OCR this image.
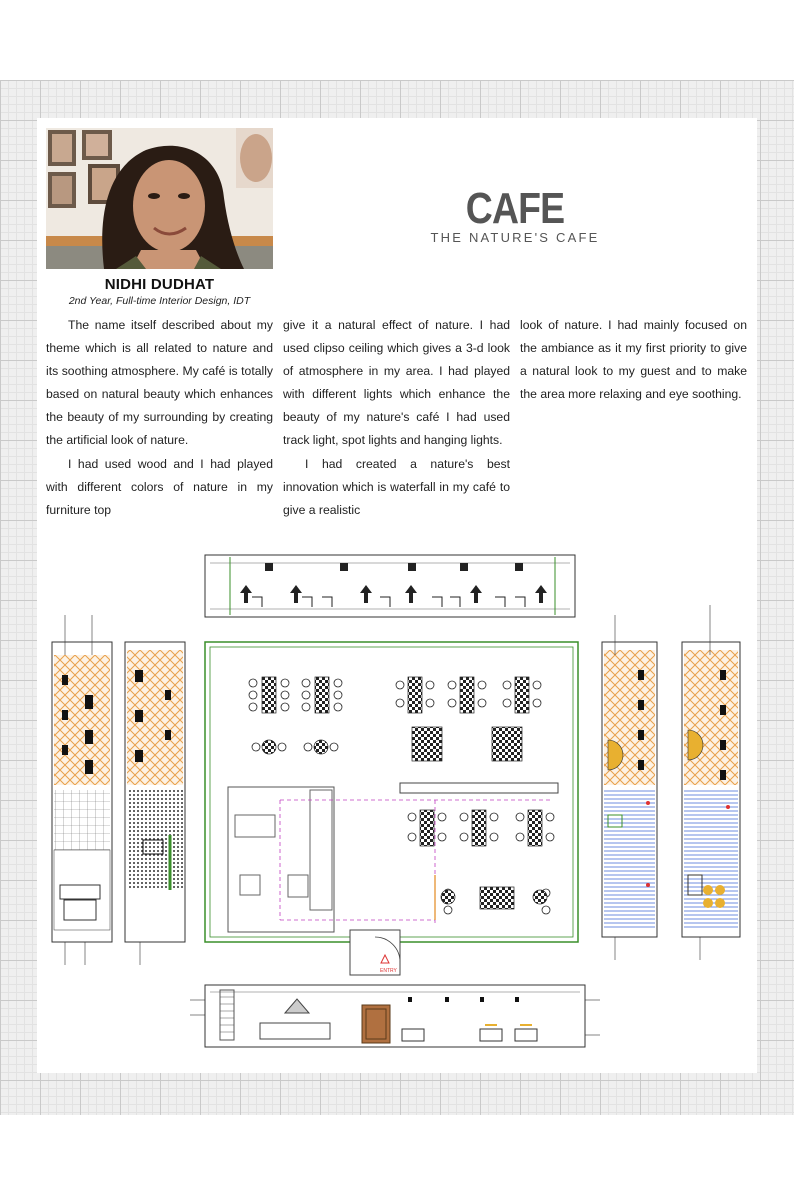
NIDHI DUDHAT
2nd Year, Full-time Interior Design, IDT
CAFE
THE NATURE'S CAFE

The name itself described about my theme which is all related to nature and its soothing atmosphere. My café is totally based on natural beauty which enhances the beauty of my surrounding by creating the artificial look of nature.

I had used wood and I had played with different colors of nature in my furniture top

give it a natural effect of nature. I had used clipso ceiling which gives a 3-d look of atmosphere in my area. I had played with different lights which enhance the beauty of my nature's café I had used track light, spot lights and hanging lights.

I had created a nature's best innovation which is waterfall in my café to give a realistic

look of nature. I had mainly focused on the ambiance as it my first priority to give a natural look to my guest and to make the area more relaxing and eye soothing.

ENTRY
